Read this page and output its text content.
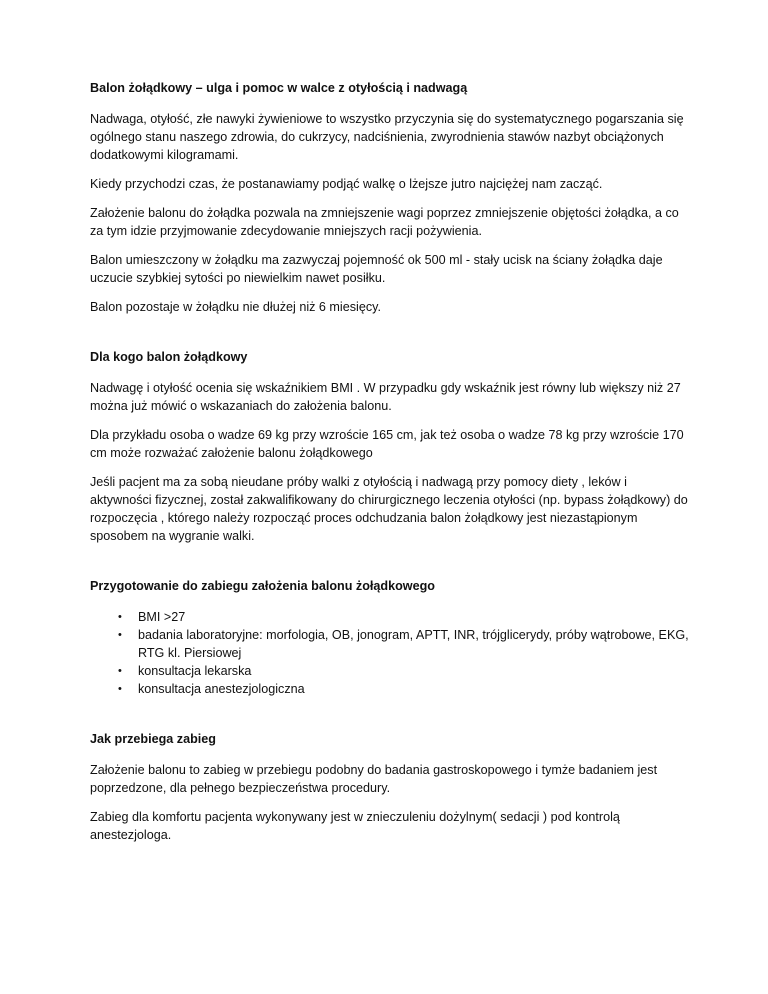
Balon żołądkowy – ulga i pomoc w walce z otyłością i nadwagą

Nadwaga, otyłość, złe nawyki żywieniowe to wszystko przyczynia się do systematycznego pogarszania się ogólnego stanu naszego zdrowia, do cukrzycy, nadciśnienia, zwyrodnienia stawów nazbyt obciążonych dodatkowymi kilogramami.

Kiedy przychodzi czas, że postanawiamy podjąć walkę o lżejsze jutro najciężej nam zacząć.

Założenie balonu do żołądka pozwala na zmniejszenie wagi poprzez zmniejszenie objętości żołądka, a co za tym idzie przyjmowanie zdecydowanie mniejszych racji pożywienia.

Balon umieszczony w żołądku ma zazwyczaj pojemność ok 500 ml - stały ucisk na ściany żołądka daje uczucie szybkiej sytości po niewielkim nawet posiłku.

Balon pozostaje w żołądku nie dłużej niż 6 miesięcy.

Dla kogo balon żołądkowy

Nadwagę i otyłość ocenia się wskaźnikiem BMI . W przypadku gdy wskaźnik jest równy lub większy niż 27 można już mówić o wskazaniach do założenia balonu.

Dla przykładu osoba o wadze 69 kg przy wzroście 165 cm, jak też osoba o wadze 78 kg przy wzroście 170 cm może rozważać założenie balonu żołądkowego

Jeśli pacjent ma za sobą nieudane próby walki z otyłością i nadwagą przy pomocy diety , leków i aktywności fizycznej, został zakwalifikowany do chirurgicznego leczenia otyłości (np. bypass żołądkowy) do rozpoczęcia , którego należy rozpocząć proces odchudzania balon żołądkowy jest niezastąpionym sposobem na wygranie walki.

Przygotowanie do zabiegu założenia balonu żołądkowego

• BMI >27
• badania laboratoryjne: morfologia, OB, jonogram, APTT, INR, trójglicerydy, próby wątrobowe, EKG, RTG kl. Piersiowej
• konsultacja lekarska
• konsultacja anestezjologiczna

Jak przebiega zabieg

Założenie balonu to zabieg w przebiegu podobny do badania gastroskopowego i tymże badaniem jest poprzedzone, dla pełnego bezpieczeństwa procedury.

Zabieg dla komfortu pacjenta wykonywany jest w znieczuleniu dożylnym( sedacji ) pod kontrolą anestezjologa.
